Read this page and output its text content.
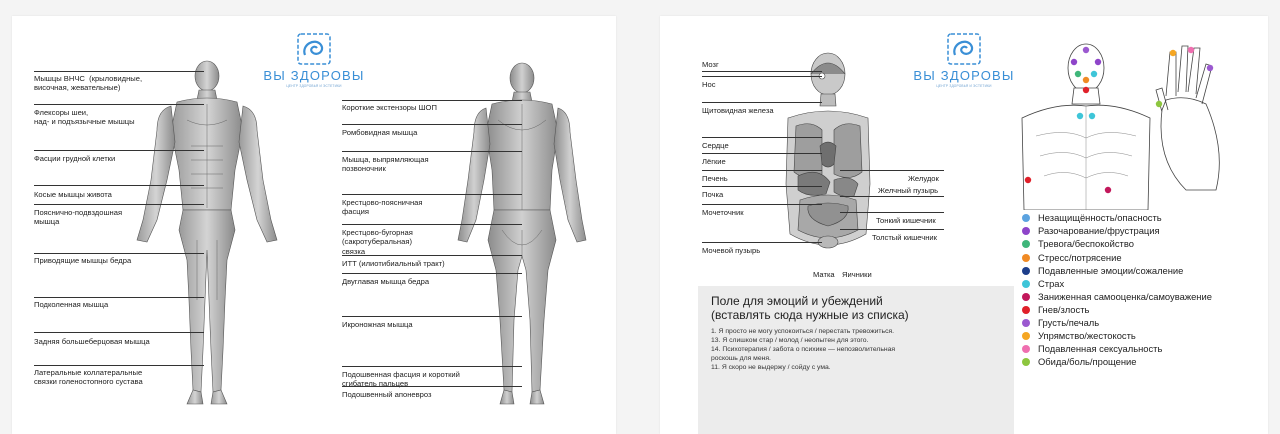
ВЫ ЗДОРОВЫ
ЦЕНТР ЗДОРОВЬЯ И ЭСТЕТИКИ
Мышцы ВНЧС  (крыловидные,
височная, жевательные)
Флексоры шеи,
над- и подъязычные мышцы
Фасции грудной клетки
Косые мышцы живота
Пояснично-подвздошная
мышца
Приводящие мышцы бедра
Подколенная мышца
Задняя большеберцовая мышца
Латеральные коллатеральные
связки голеностопного сустава
Короткие экстензоры ШОП
Ромбовидная мышца
Мышца, выпрямляющая
позвоночник
Крестцово-поясничная
фасция
Крестцово-бугорная
(сакротуберальная)
связка
ИТТ (илиотибиальный тракт)
Двуглавая мышца бедра
Икроножная мышца
Подошвенная фасция и короткий
сгибатель пальцев
Подошвенный апоневроз
ВЫ ЗДОРОВЫ
ЦЕНТР ЗДОРОВЬЯ И ЭСТЕТИКИ
Мозг
Нос
Щитовидная железа
Сердце
Лёгкие
Печень
Почка
Мочеточник
Мочевой пузырь
Желудок
Желчный пузырь
Тонкий кишечник
Толстый кишечник
Матка Яичники
Поле для эмоций и убеждений
(вставлять сюда нужные из списка)
1. Я просто не могу успокоиться / перестать тревожиться.
13. Я слишком стар / молод / неопытен для этого.
14. Психотерапия / забота о психике — непозволительная
роскошь для меня.
11. Я скоро не выдержу / сойду с ума.
Незащищённость/опасность
Разочарование/фрустрация
Тревога/беспокойство
Стресс/потрясение
Подавленные эмоции/сожаление
Страх
Заниженная самооценка/самоуважение
Гнев/злость
Грусть/печаль
Упрямство/жестокость
Подавленная сексуальность
Обида/боль/прощение
